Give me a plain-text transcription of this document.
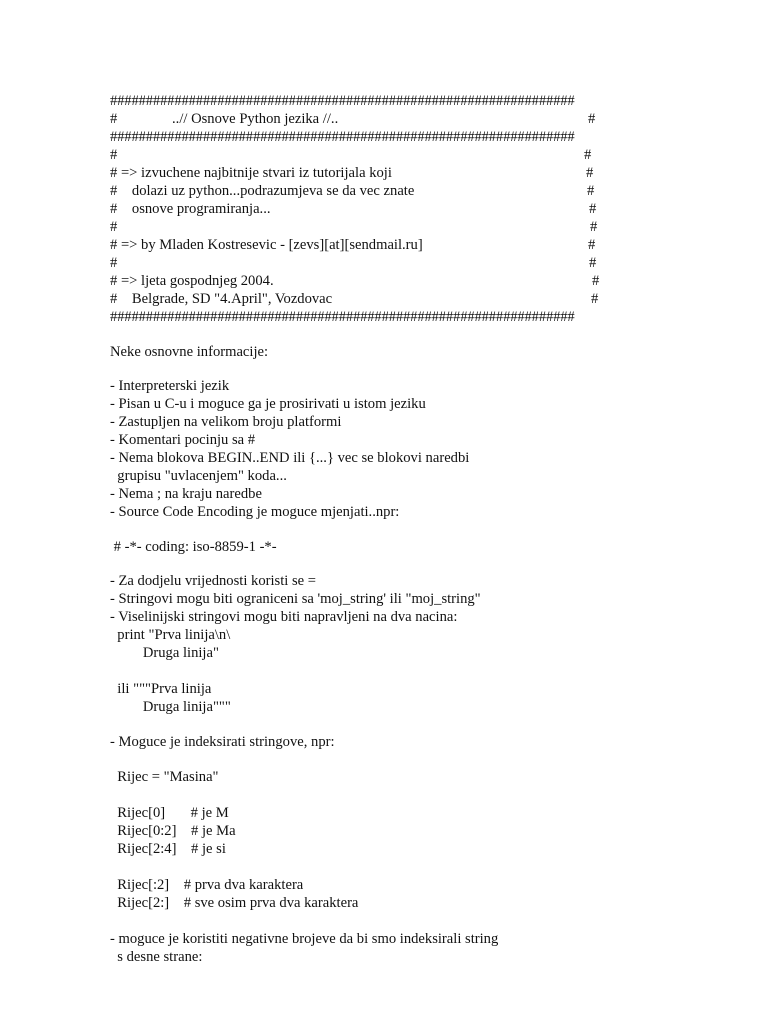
#################################################################
#               ..// Osnove Python jezika //..	#
#################################################################
#	#
# => izvuchene najbitnije stvari iz tutorijala koji	#
#    dolazi uz python...podrazumjeva se da vec znate	#
#    osnove programiranja...	#
#	#
# => by Mladen Kostresevic - [zevs][at][sendmail.ru]	#
#	#
# => ljeta gospodnjeg 2004.	#
#    Belgrade, SD "4.April", Vozdovac	#
#################################################################
Neke osnovne informacije:
- Interpreterski jezik
- Pisan u C-u i moguce ga je prosirivati u istom jeziku
- Zastupljen na velikom broju platformi
- Komentari pocinju sa #
- Nema blokova BEGIN..END ili {...} vec se blokovi naredbi
grupisu "uvlacenjem" koda...
- Nema ; na kraju naredbe
- Source Code Encoding je moguce mjenjati..npr:
# -*- coding: iso-8859-1 -*-
- Za dodjelu vrijednosti koristi se =
- Stringovi mogu biti ograniceni sa 'moj_string' ili "moj_string"
- Viselinijski stringovi mogu biti napravljeni na dva nacina:
print "Prva linija\n\
Druga linija"
ili """Prva linija
Druga linija"""
- Moguce je indeksirati stringove, npr:
Rijec = "Masina"
Rijec[0]       # je M
Rijec[0:2]    # je Ma
Rijec[2:4]    # je si
Rijec[:2]    # prva dva karaktera
Rijec[2:]    # sve osim prva dva karaktera
- moguce je koristiti negativne brojeve da bi smo indeksirali string
s desne strane:
